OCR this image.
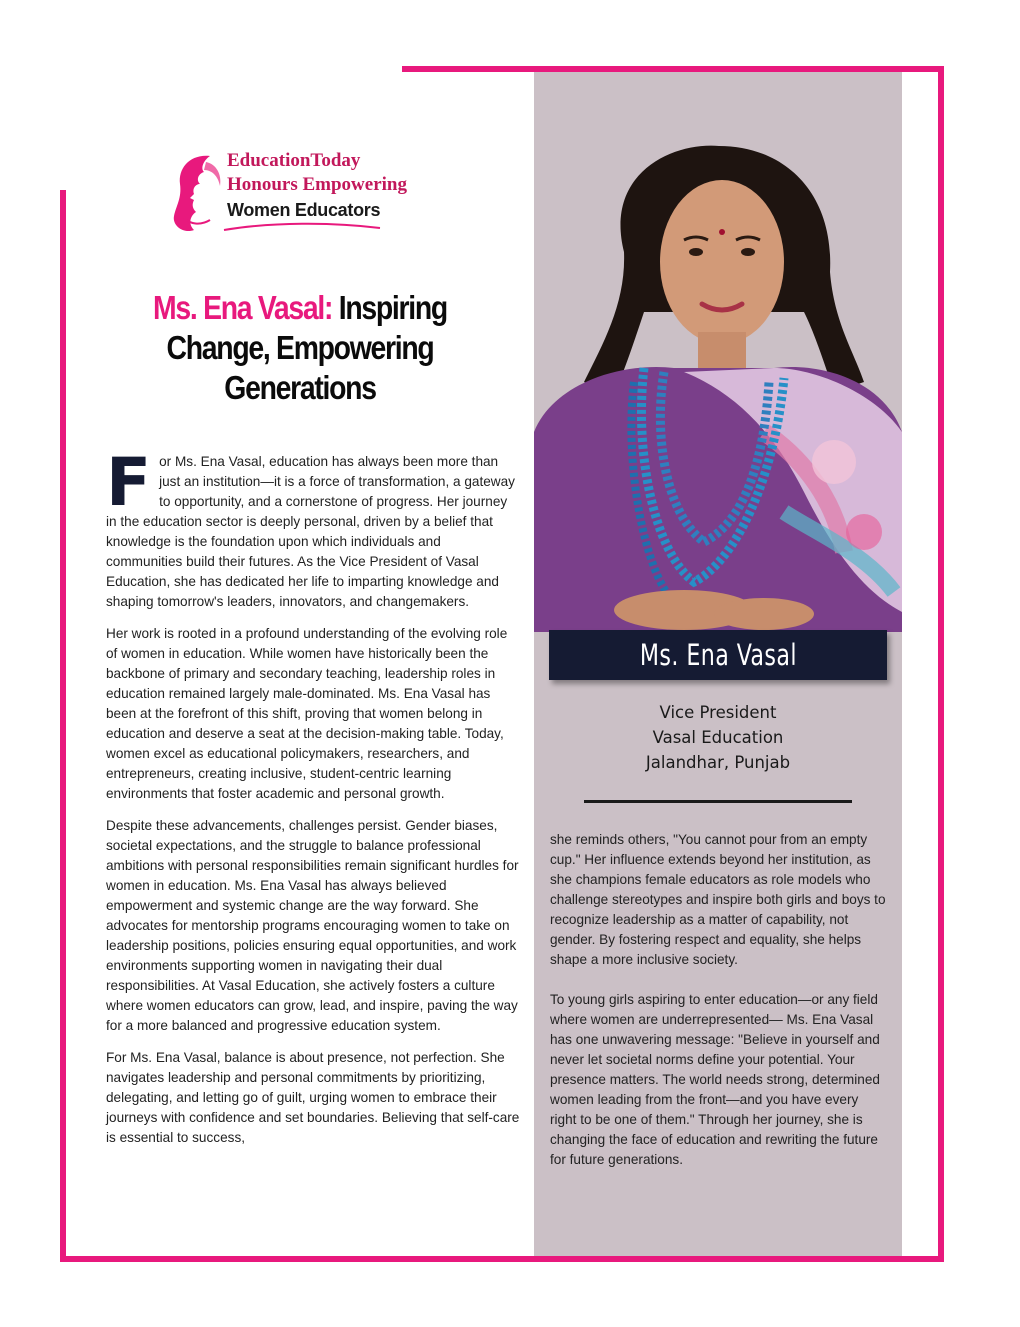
EducationToday
Honours Empowering
Women Educators
Ms. Ena Vasal: Inspiring Change, Empowering Generations

For Ms. Ena Vasal, education has always been more than just an institution—it is a force of transformation, a gateway to opportunity, and a cornerstone of progress. Her journey in the education sector is deeply personal, driven by a belief that knowledge is the foundation upon which individuals and communities build their futures. As the Vice President of Vasal Education, she has dedicated her life to imparting knowledge and shaping tomorrow's leaders, innovators, and changemakers.

Her work is rooted in a profound understanding of the evolving role of women in education. While women have historically been the backbone of primary and secondary teaching, leadership roles in education remained largely male-dominated. Ms. Ena Vasal has been at the forefront of this shift, proving that women belong in education and deserve a seat at the decision-making table. Today, women excel as educational policymakers, researchers, and entrepreneurs, creating inclusive, student-centric learning environments that foster academic and personal growth.

Despite these advancements, challenges persist. Gender biases, societal expectations, and the struggle to balance professional ambitions with personal responsibilities remain significant hurdles for women in education. Ms. Ena Vasal has always believed empowerment and systemic change are the way forward. She advocates for mentorship programs encouraging women to take on leadership positions, policies ensuring equal opportunities, and work environments supporting women in navigating their dual responsibilities. At Vasal Education, she actively fosters a culture where women educators can grow, lead, and inspire, paving the way for a more balanced and progressive education system.

For Ms. Ena Vasal, balance is about presence, not perfection. She navigates leadership and personal commitments by prioritizing, delegating, and letting go of guilt, urging women to embrace their journeys with confidence and set boundaries. Believing that self-care is essential to success,

Ms. Ena Vasal
Vice President
Vasal Education
Jalandhar, Punjab

she reminds others, "You cannot pour from an empty cup." Her influence extends beyond her institution, as she champions female educators as role models who challenge stereotypes and inspire both girls and boys to recognize leadership as a matter of capability, not gender. By fostering respect and equality, she helps shape a more inclusive society.

To young girls aspiring to enter education—or any field where women are underrepresented— Ms. Ena Vasal has one unwavering message: "Believe in yourself and never let societal norms define your potential. Your presence matters. The world needs strong, determined women leading from the front—and you have every right to be one of them." Through her journey, she is changing the face of education and rewriting the future for future generations.
